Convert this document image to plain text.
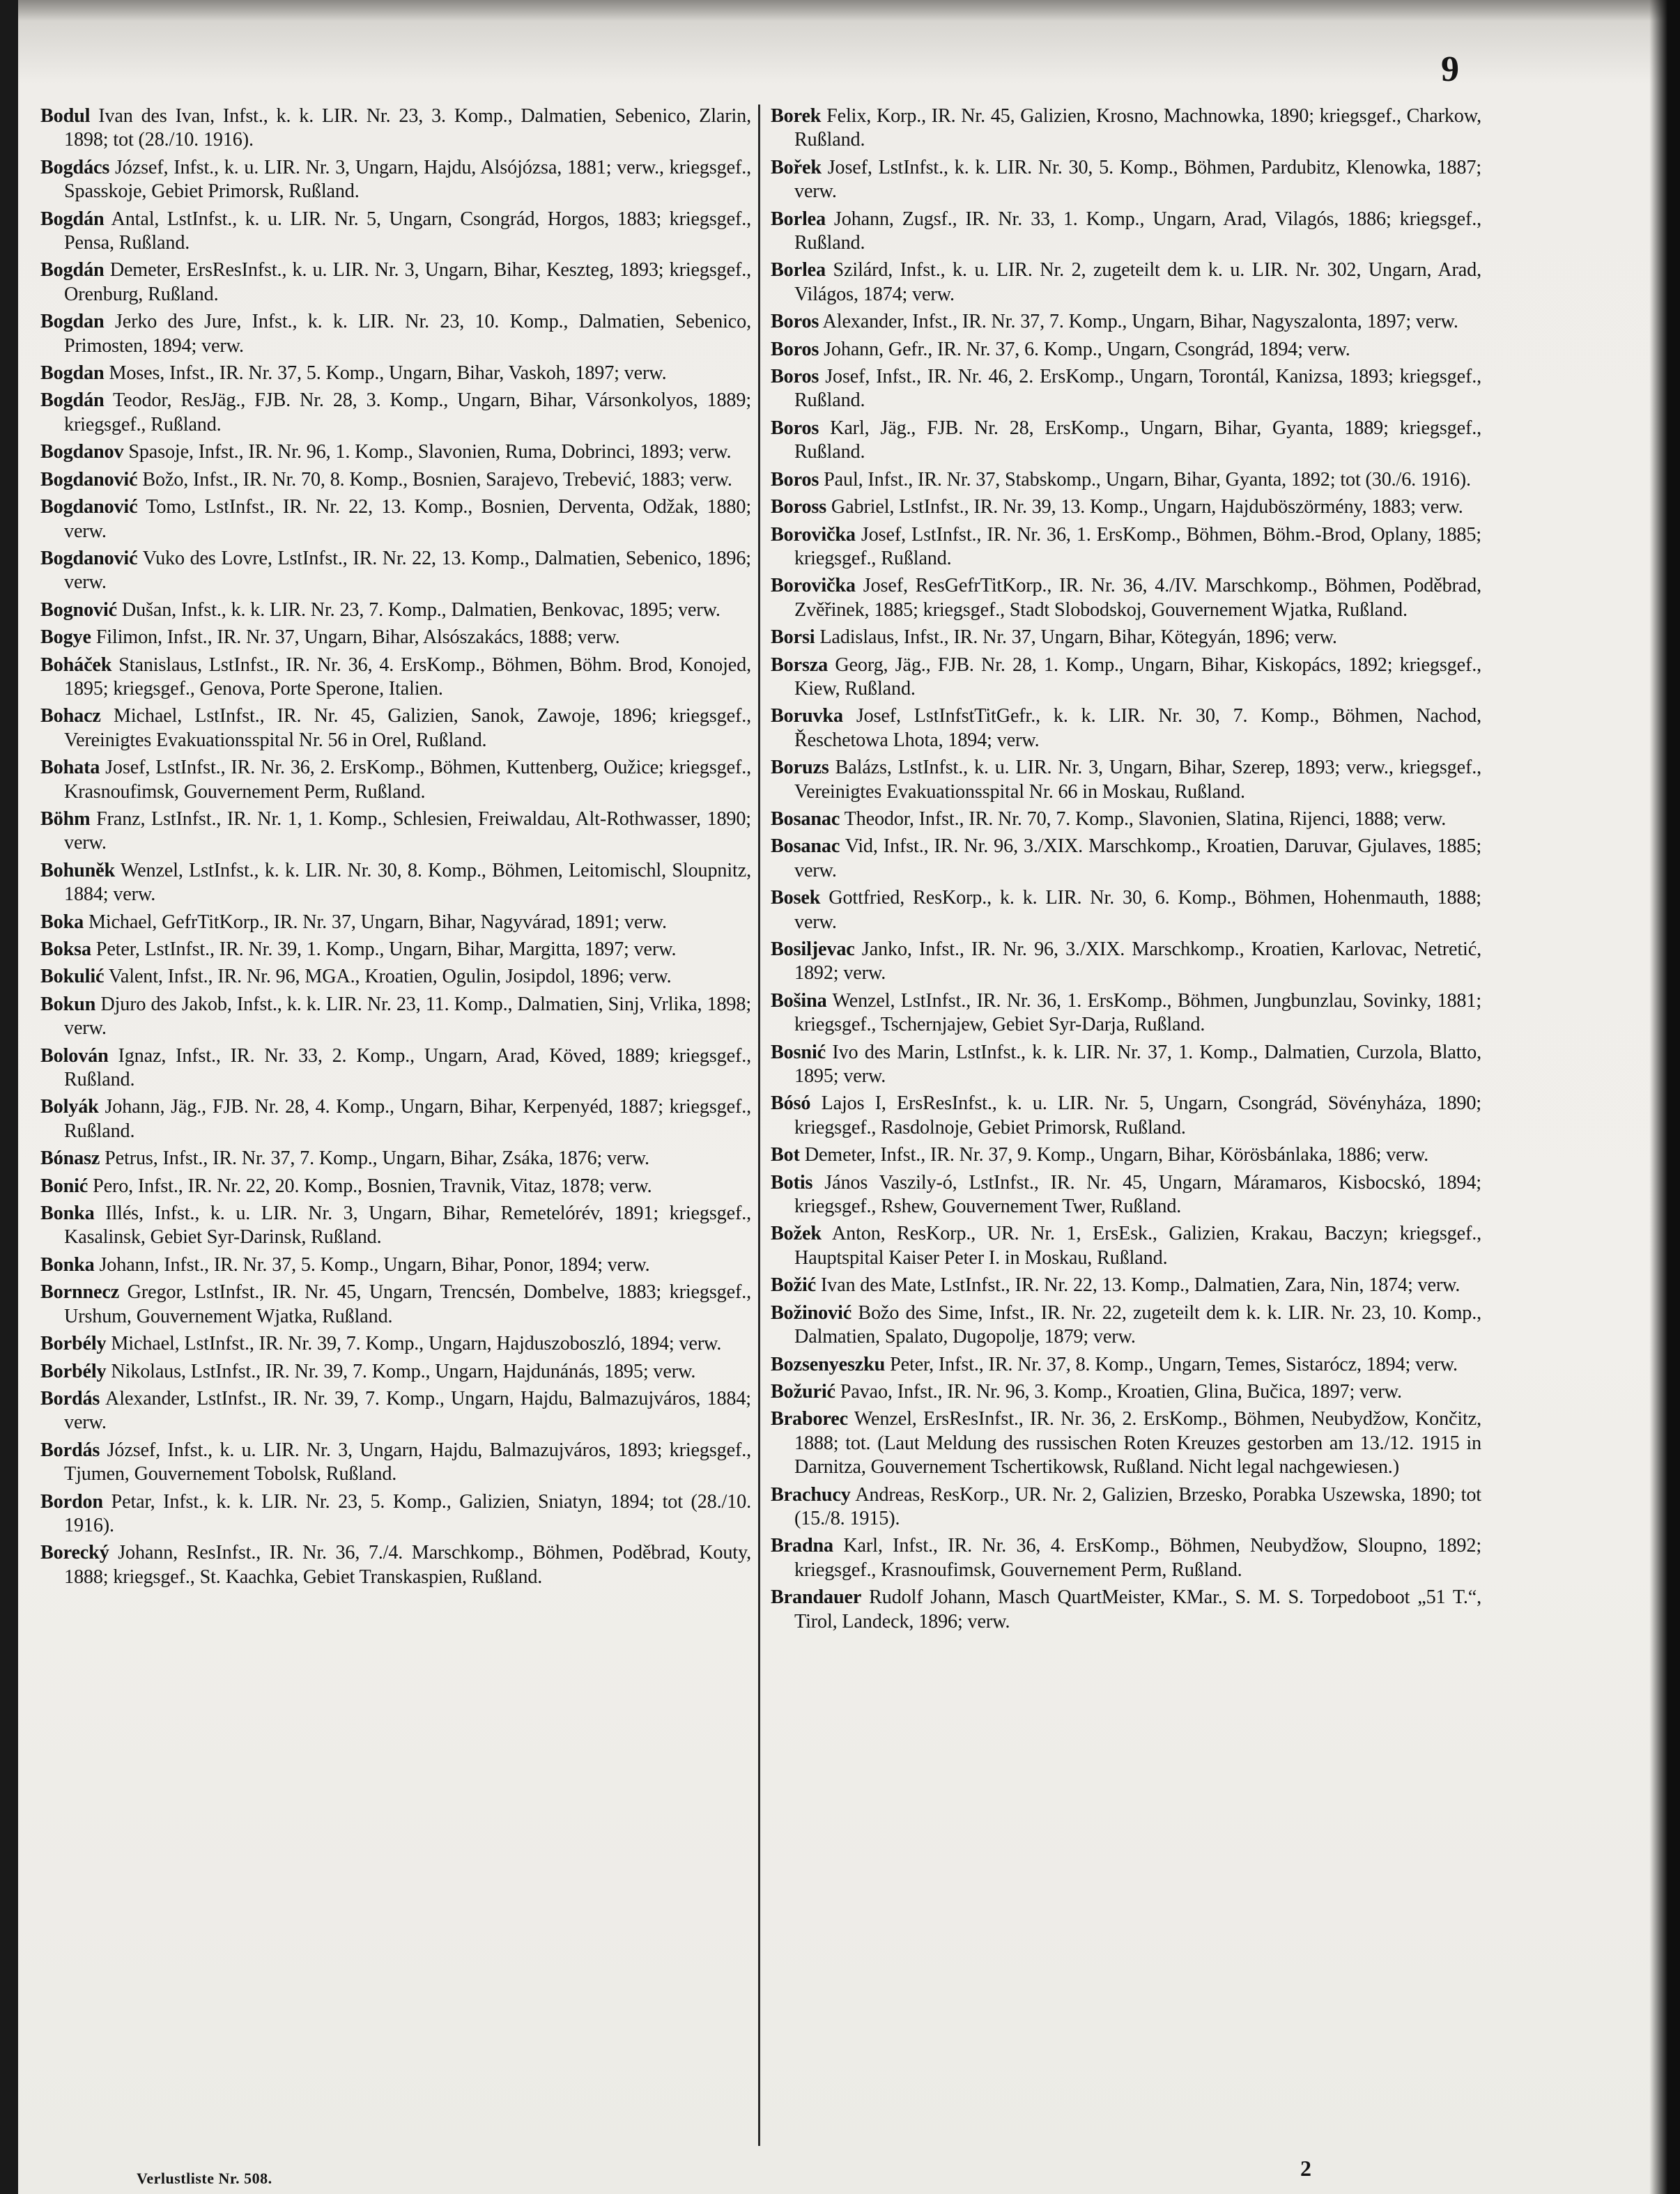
9
Bodul Ivan des Ivan, Infst., k. k. LIR. Nr. 23, 3. Komp., Dalmatien, Sebenico, Zlarin, 1898; tot (28./10. 1916).
Bogdács József, Infst., k. u. LIR. Nr. 3, Ungarn, Hajdu, Alsójózsa, 1881; verw., kriegsgef., Spasskoje, Gebiet Primorsk, Rußland.
Bogdán Antal, LstInfst., k. u. LIR. Nr. 5, Ungarn, Csongrád, Horgos, 1883; kriegsgef., Pensa, Rußland.
Bogdán Demeter, ErsResInfst., k. u. LIR. Nr. 3, Ungarn, Bihar, Keszteg, 1893; kriegsgef., Orenburg, Rußland.
Bogdan Jerko des Jure, Infst., k. k. LIR. Nr. 23, 10. Komp., Dalmatien, Sebenico, Primosten, 1894; verw.
Bogdan Moses, Infst., IR. Nr. 37, 5. Komp., Ungarn, Bihar, Vaskoh, 1897; verw.
Bogdán Teodor, ResJäg., FJB. Nr. 28, 3. Komp., Ungarn, Bihar, Vársonkolyos, 1889; kriegsgef., Rußland.
Bogdanov Spasoje, Infst., IR. Nr. 96, 1. Komp., Slavonien, Ruma, Dobrinci, 1893; verw.
Bogdanović Božo, Infst., IR. Nr. 70, 8. Komp., Bosnien, Sarajevo, Trebević, 1883; verw.
Bogdanović Tomo, LstInfst., IR. Nr. 22, 13. Komp., Bosnien, Derventa, Odžak, 1880; verw.
Bogdanović Vuko des Lovre, LstInfst., IR. Nr. 22, 13. Komp., Dalmatien, Sebenico, 1896; verw.
Bognović Dušan, Infst., k. k. LIR. Nr. 23, 7. Komp., Dalmatien, Benkovac, 1895; verw.
Bogye Filimon, Infst., IR. Nr. 37, Ungarn, Bihar, Alsószakács, 1888; verw.
Boháček Stanislaus, LstInfst., IR. Nr. 36, 4. ErsKomp., Böhmen, Böhm. Brod, Konojed, 1895; kriegsgef., Genova, Porte Sperone, Italien.
Bohacz Michael, LstInfst., IR. Nr. 45, Galizien, Sanok, Zawoje, 1896; kriegsgef., Vereinigtes Evakuationsspital Nr. 56 in Orel, Rußland.
Bohata Josef, LstInfst., IR. Nr. 36, 2. ErsKomp., Böhmen, Kuttenberg, Oužice; kriegsgef., Krasnoufimsk, Gouvernement Perm, Rußland.
Böhm Franz, LstInfst., IR. Nr. 1, 1. Komp., Schlesien, Freiwaldau, Alt-Rothwasser, 1890; verw.
Bohuněk Wenzel, LstInfst., k. k. LIR. Nr. 30, 8. Komp., Böhmen, Leitomischl, Sloupnitz, 1884; verw.
Boka Michael, GefrTitKorp., IR. Nr. 37, Ungarn, Bihar, Nagyvárad, 1891; verw.
Boksa Peter, LstInfst., IR. Nr. 39, 1. Komp., Ungarn, Bihar, Margitta, 1897; verw.
Bokulić Valent, Infst., IR. Nr. 96, MGA., Kroatien, Ogulin, Josipdol, 1896; verw.
Bokun Djuro des Jakob, Infst., k. k. LIR. Nr. 23, 11. Komp., Dalmatien, Sinj, Vrlika, 1898; verw.
Bolován Ignaz, Infst., IR. Nr. 33, 2. Komp., Ungarn, Arad, Köved, 1889; kriegsgef., Rußland.
Bolyák Johann, Jäg., FJB. Nr. 28, 4. Komp., Ungarn, Bihar, Kerpenyéd, 1887; kriegsgef., Rußland.
Bónasz Petrus, Infst., IR. Nr. 37, 7. Komp., Ungarn, Bihar, Zsáka, 1876; verw.
Bonić Pero, Infst., IR. Nr. 22, 20. Komp., Bosnien, Travnik, Vitaz, 1878; verw.
Bonka Illés, Infst., k. u. LIR. Nr. 3, Ungarn, Bihar, Remetelórév, 1891; kriegsgef., Kasalinsk, Gebiet Syr-Darinsk, Rußland.
Bonka Johann, Infst., IR. Nr. 37, 5. Komp., Ungarn, Bihar, Ponor, 1894; verw.
Bornnecz Gregor, LstInfst., IR. Nr. 45, Ungarn, Trencsén, Dombelve, 1883; kriegsgef., Urshum, Gouvernement Wjatka, Rußland.
Borbély Michael, LstInfst., IR. Nr. 39, 7. Komp., Ungarn, Hajduszoboszló, 1894; verw.
Borbély Nikolaus, LstInfst., IR. Nr. 39, 7. Komp., Ungarn, Hajdunánás, 1895; verw.
Bordás Alexander, LstInfst., IR. Nr. 39, 7. Komp., Ungarn, Hajdu, Balmazujváros, 1884; verw.
Bordás József, Infst., k. u. LIR. Nr. 3, Ungarn, Hajdu, Balmazujváros, 1893; kriegsgef., Tjumen, Gouvernement Tobolsk, Rußland.
Bordon Petar, Infst., k. k. LIR. Nr. 23, 5. Komp., Galizien, Sniatyn, 1894; tot (28./10. 1916).
Borecký Johann, ResInfst., IR. Nr. 36, 7./4. Marschkomp., Böhmen, Poděbrad, Kouty, 1888; kriegsgef., St. Kaachka, Gebiet Transkaspien, Rußland.
Borek Felix, Korp., IR. Nr. 45, Galizien, Krosno, Machnowka, 1890; kriegsgef., Charkow, Rußland.
Bořek Josef, LstInfst., k. k. LIR. Nr. 30, 5. Komp., Böhmen, Pardubitz, Klenowka, 1887; verw.
Borlea Johann, Zugsf., IR. Nr. 33, 1. Komp., Ungarn, Arad, Vilagós, 1886; kriegsgef., Rußland.
Borlea Szilárd, Infst., k. u. LIR. Nr. 2, zugeteilt dem k. u. LIR. Nr. 302, Ungarn, Arad, Világos, 1874; verw.
Boros Alexander, Infst., IR. Nr. 37, 7. Komp., Ungarn, Bihar, Nagyszalonta, 1897; verw.
Boros Johann, Gefr., IR. Nr. 37, 6. Komp., Ungarn, Csongrád, 1894; verw.
Boros Josef, Infst., IR. Nr. 46, 2. ErsKomp., Ungarn, Torontál, Kanizsa, 1893; kriegsgef., Rußland.
Boros Karl, Jäg., FJB. Nr. 28, ErsKomp., Ungarn, Bihar, Gyanta, 1889; kriegsgef., Rußland.
Boros Paul, Infst., IR. Nr. 37, Stabskomp., Ungarn, Bihar, Gyanta, 1892; tot (30./6. 1916).
Boross Gabriel, LstInfst., IR. Nr. 39, 13. Komp., Ungarn, Hajduböszörmény, 1883; verw.
Borovička Josef, LstInfst., IR. Nr. 36, 1. ErsKomp., Böhmen, Böhm.-Brod, Oplany, 1885; kriegsgef., Rußland.
Borovička Josef, ResGefrTitKorp., IR. Nr. 36, 4./IV. Marschkomp., Böhmen, Poděbrad, Zvěřinek, 1885; kriegsgef., Stadt Slobodskoj, Gouvernement Wjatka, Rußland.
Borsi Ladislaus, Infst., IR. Nr. 37, Ungarn, Bihar, Kötegyán, 1896; verw.
Borsza Georg, Jäg., FJB. Nr. 28, 1. Komp., Ungarn, Bihar, Kiskopács, 1892; kriegsgef., Kiew, Rußland.
Boruvka Josef, LstInfstTitGefr., k. k. LIR. Nr. 30, 7. Komp., Böhmen, Nachod, Řeschetowa Lhota, 1894; verw.
Boruzs Balázs, LstInfst., k. u. LIR. Nr. 3, Ungarn, Bihar, Szerep, 1893; verw., kriegsgef., Vereinigtes Evakuationsspital Nr. 66 in Moskau, Rußland.
Bosanac Theodor, Infst., IR. Nr. 70, 7. Komp., Slavonien, Slatina, Rijenci, 1888; verw.
Bosanac Vid, Infst., IR. Nr. 96, 3./XIX. Marschkomp., Kroatien, Daruvar, Gjulaves, 1885; verw.
Bosek Gottfried, ResKorp., k. k. LIR. Nr. 30, 6. Komp., Böhmen, Hohenmauth, 1888; verw.
Bosiljevac Janko, Infst., IR. Nr. 96, 3./XIX. Marschkomp., Kroatien, Karlovac, Netretić, 1892; verw.
Bošina Wenzel, LstInfst., IR. Nr. 36, 1. ErsKomp., Böhmen, Jungbunzlau, Sovinky, 1881; kriegsgef., Tschernjajew, Gebiet Syr-Darja, Rußland.
Bosnić Ivo des Marin, LstInfst., k. k. LIR. Nr. 37, 1. Komp., Dalmatien, Curzola, Blatto, 1895; verw.
Bósó Lajos I, ErsResInfst., k. u. LIR. Nr. 5, Ungarn, Csongrád, Sövényháza, 1890; kriegsgef., Rasdolnoje, Gebiet Primorsk, Rußland.
Bot Demeter, Infst., IR. Nr. 37, 9. Komp., Ungarn, Bihar, Körösbánlaka, 1886; verw.
Botis János Vaszily-ó, LstInfst., IR. Nr. 45, Ungarn, Máramaros, Kisbocskó, 1894; kriegsgef., Rshew, Gouvernement Twer, Rußland.
Božek Anton, ResKorp., UR. Nr. 1, ErsEsk., Galizien, Krakau, Baczyn; kriegsgef., Hauptspital Kaiser Peter I. in Moskau, Rußland.
Božić Ivan des Mate, LstInfst., IR. Nr. 22, 13. Komp., Dalmatien, Zara, Nin, 1874; verw.
Božinović Božo des Sime, Infst., IR. Nr. 22, zugeteilt dem k. k. LIR. Nr. 23, 10. Komp., Dalmatien, Spalato, Dugopolje, 1879; verw.
Bozsenyeszku Peter, Infst., IR. Nr. 37, 8. Komp., Ungarn, Temes, Sistarócz, 1894; verw.
Božurić Pavao, Infst., IR. Nr. 96, 3. Komp., Kroatien, Glina, Bučica, 1897; verw.
Braborec Wenzel, ErsResInfst., IR. Nr. 36, 2. ErsKomp., Böhmen, Neubydžow, Končitz, 1888; tot. (Laut Meldung des russischen Roten Kreuzes gestorben am 13./12. 1915 in Darnitza, Gouvernement Tschertikowsk, Rußland. Nicht legal nachgewiesen.)
Brachucy Andreas, ResKorp., UR. Nr. 2, Galizien, Brzesko, Porabka Uszewska, 1890; tot (15./8. 1915).
Bradna Karl, Infst., IR. Nr. 36, 4. ErsKomp., Böhmen, Neubydžow, Sloupno, 1892; kriegsgef., Krasnoufimsk, Gouvernement Perm, Rußland.
Brandauer Rudolf Johann, Masch QuartMeister, KMar., S. M. S. Torpedoboot „51 T.“, Tirol, Landeck, 1896; verw.
Verlustliste Nr. 508.	2
